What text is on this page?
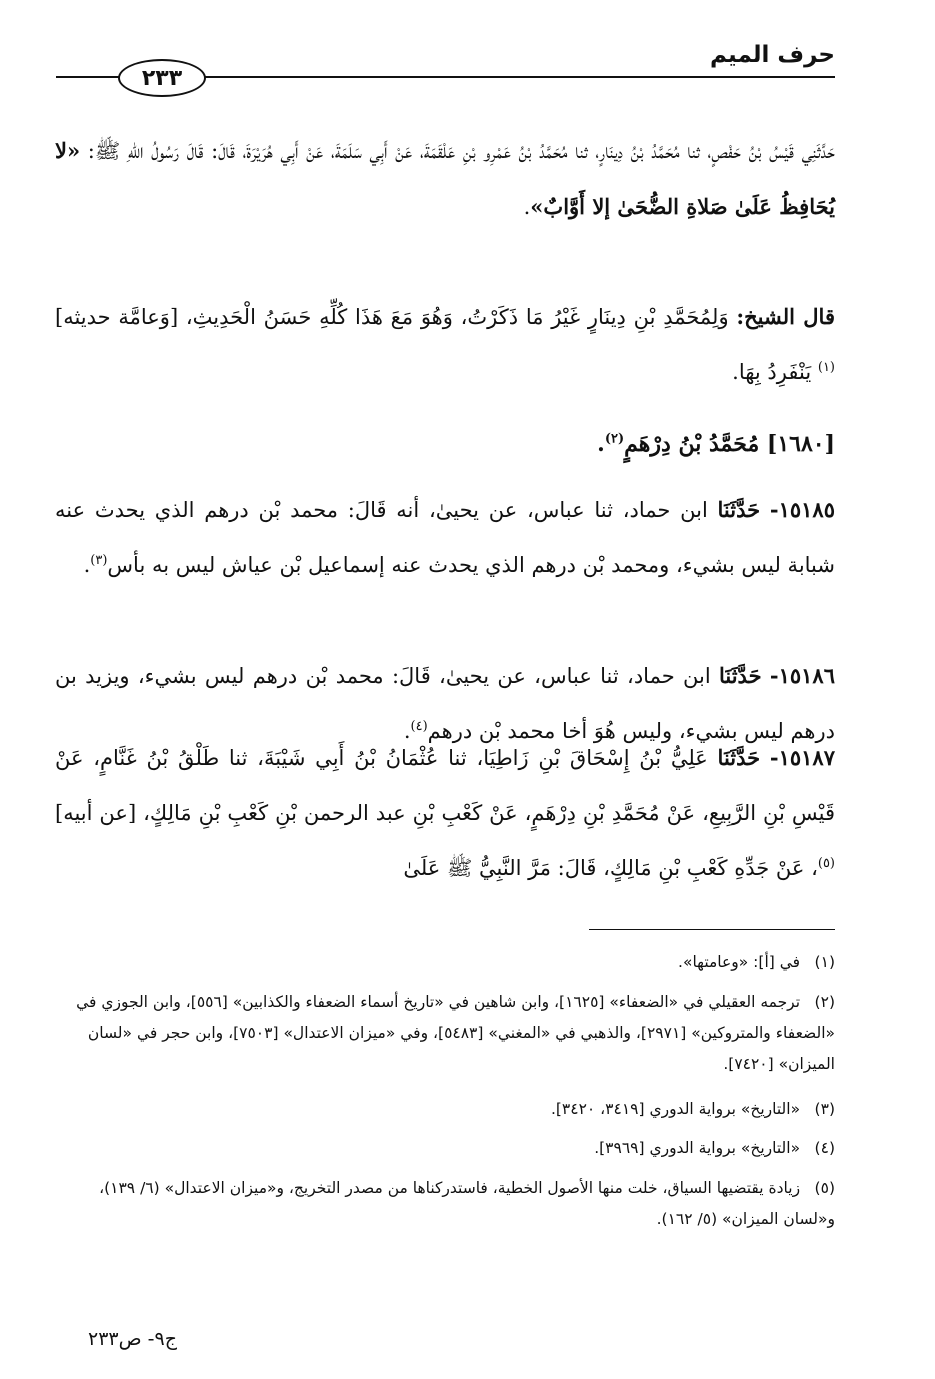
حرف الميم
٢٣٣
حَدَّثَنِي قَيْسُ بْنُ حَفْصٍ، ثنا مُحَمَّدُ بْنُ دِينَارٍ، ثنا مُحَمَّدُ بْنُ عَمْرِو بْنِ عَلْقَمَةَ، عَنْ أَبِي سَلَمَةَ، عَنْ أَبِي هُرَيْرَةَ، قَالَ: قَالَ رَسُولُ اللهِ ﷺ: «لا يُحَافِظُ عَلَىٰ صَلاةِ الضُّحَىٰ إلا أَوَّابٌ».
قال الشيخ: وَلِمُحَمَّدِ بْنِ دِينَارٍ غَيْرُ مَا ذَكَرْتُ، وَهُوَ مَعَ هَذَا كُلِّهِ حَسَنُ الْحَدِيثِ، [وَعامَّة حديثه]$^{(١)}$ يَنْفَرِدُ بِهَا.
[١٦٨٠] مُحَمَّدُ بْنُ دِرْهَمٍ$^{(٢)}$.
١٥١٨٥- حَدَّثَنَا ابن حماد، ثنا عباس، عن يحيىٰ، أنه قَالَ: محمد بْن درهم الذي يحدث عنه شبابة ليس بشيء، ومحمد بْن درهم الذي يحدث عنه إسماعيل بْن عياش ليس به بأس$^{(٣)}$.
١٥١٨٦- حَدَّثَنَا ابن حماد، ثنا عباس، عن يحيىٰ، قَالَ: محمد بْن درهم ليس بشيء، ويزيد بن درهم ليس بشيء، وليس هُوَ أخا محمد بْن درهم$^{(٤)}$.
١٥١٨٧- حَدَّثَنَا عَلِيُّ بْنُ إِسْحَاقَ بْنِ زَاطِيَا، ثنا عُثْمَانُ بْنُ أَبِي شَيْبَةَ، ثنا طَلْقُ بْنُ غَنَّامٍ، عَنْ قَيْسِ بْنِ الرَّبِيعِ، عَنْ مُحَمَّدِ بْنِ دِرْهَمٍ، عَنْ كَعْبِ بْنِ عبد الرحمن بْنِ كَعْبِ بْنِ مَالِكٍ، [عن أبيه]$^{(٥)}$، عَنْ جَدِّهِ كَعْبِ بْنِ مَالِكٍ، قَالَ: مَرَّ النَّبِيُّ ﷺ عَلَىٰ
(١) في [أ]: «وعامتها».
(٢) ترجمه العقيلي في «الضعفاء» [١٦٢٥]، وابن شاهين في «تاريخ أسماء الضعفاء والكذابين» [٥٥٦]، وابن الجوزي في «الضعفاء والمتروكين» [٢٩٧١]، والذهبي في «المغني» [٥٤٨٣]، وفي «ميزان الاعتدال» [٧٥٠٣]، وابن حجر في «لسان الميزان» [٧٤٢٠].
(٣) «التاريخ» برواية الدوري [٣٤١٩، ٣٤٢٠].
(٤) «التاريخ» برواية الدوري [٣٩٦٩].
(٥) زيادة يقتضيها السياق، خلت منها الأصول الخطية، فاستدركناها من مصدر التخريج، و«ميزان الاعتدال» (٦/ ١٣٩)، و«لسان الميزان» (٥/ ١٦٢).
ج٩- ص٢٣٣
